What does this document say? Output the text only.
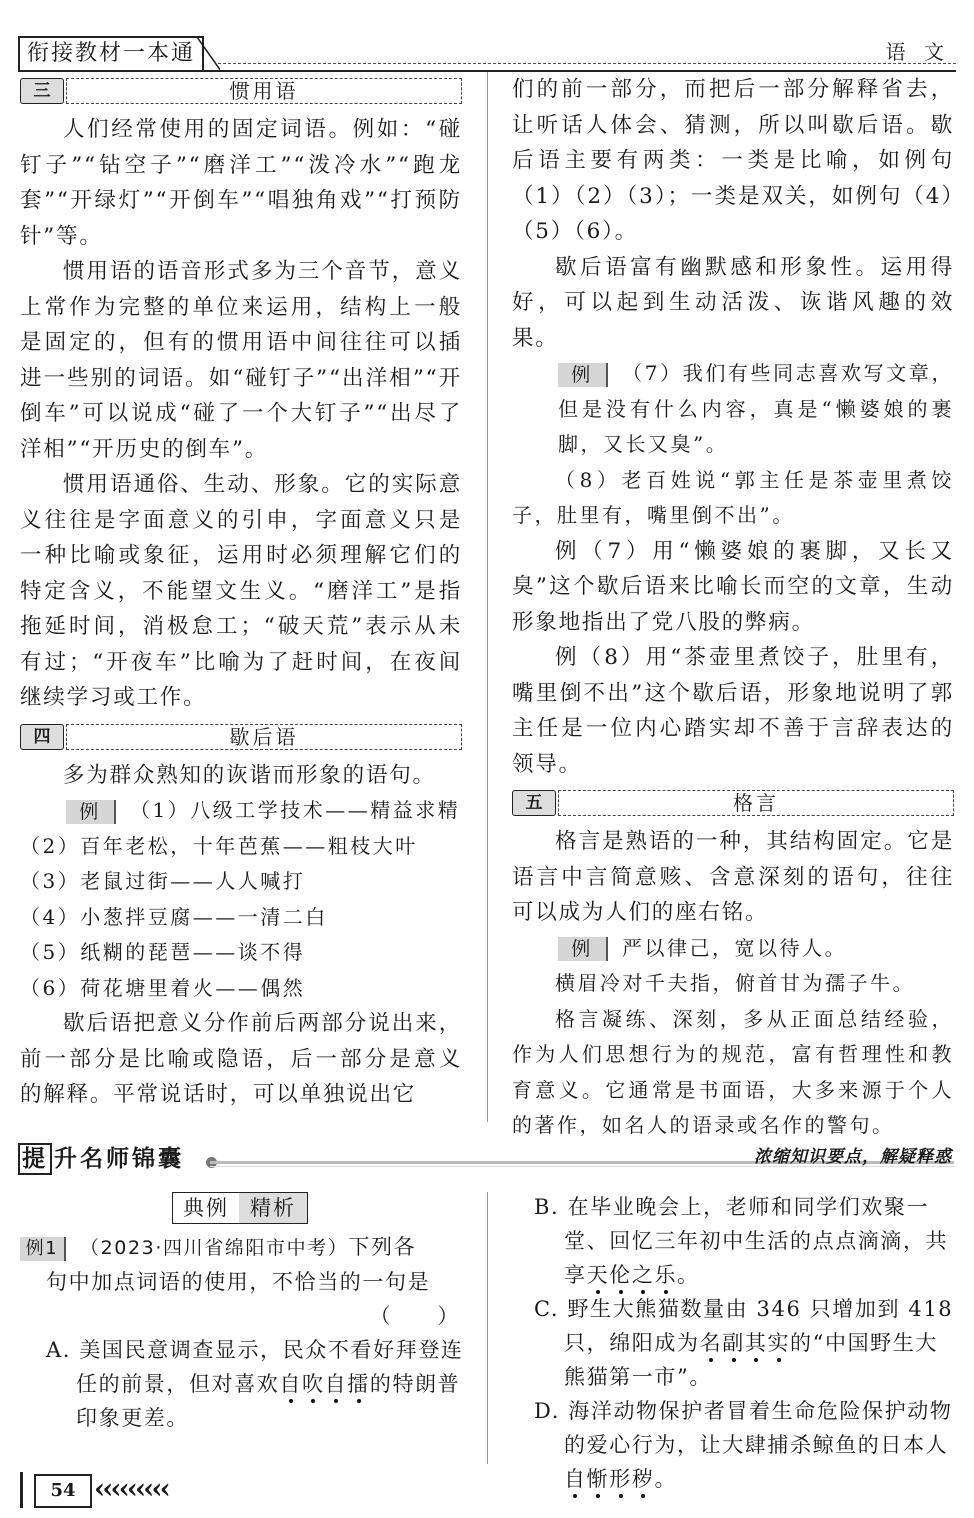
衔接教材一本通	语 文
三	惯用语

人们经常使用的固定词语。例如：“碰钉子”“钻空子”“磨洋工”“泼冷水”“跑龙套”“开绿灯”“开倒车”“唱独角戏”“打预防针”等。

惯用语的语音形式多为三个音节，意义上常作为完整的单位来运用，结构上一般是固定的，但有的惯用语中间往往可以插进一些别的词语。如“碰钉子”“出洋相”“开倒车”可以说成“碰了一个大钉子”“出尽了洋相”“开历史的倒车”。

惯用语通俗、生动、形象。它的实际意义往往是字面意义的引申，字面意义只是一种比喻或象征，运用时必须理解它们的特定含义，不能望文生义。“磨洋工”是指拖延时间，消极怠工；“破天荒”表示从未有过；“开夜车”比喻为了赶时间，在夜间继续学习或工作。

四	歇后语

多为群众熟知的诙谐而形象的语句。

例 （1）八级工学技术——精益求精

（2）百年老松，十年芭蕉——粗枝大叶

（3）老鼠过街——人人喊打

（4）小葱拌豆腐——一清二白

（5）纸糊的琵琶——谈不得

（6）荷花塘里着火——偶然

歇后语把意义分作前后两部分说出来，前一部分是比喻或隐语，后一部分是意义的解释。平常说话时，可以单独说出它

们的前一部分，而把后一部分解释省去，让听话人体会、猜测，所以叫歇后语。歇后语主要有两类：一类是比喻，如例句（1）（2）（3）；一类是双关，如例句（4）（5）（6）。

歇后语富有幽默感和形象性。运用得好，可以起到生动活泼、诙谐风趣的效果。

例 （7）我们有些同志喜欢写文章，但是没有什么内容，真是“懒婆娘的裹脚，又长又臭”。

（8）老百姓说“郭主任是茶壶里煮饺子，肚里有，嘴里倒不出”。

例（7）用“懒婆娘的裹脚，又长又臭”这个歇后语来比喻长而空的文章，生动形象地指出了党八股的弊病。

例（8）用“茶壶里煮饺子，肚里有，嘴里倒不出”这个歇后语，形象地说明了郭主任是一位内心踏实却不善于言辞表达的领导。

五	格言

格言是熟语的一种，其结构固定。它是语言中言简意赅、含意深刻的语句，往往可以成为人们的座右铭。

例 严以律己，宽以待人。

横眉冷对千夫指，俯首甘为孺子牛。

格言凝练、深刻，多从正面总结经验，作为人们思想行为的规范，富有哲理性和教育意义。它通常是书面语，大多来源于个人的著作，如名人的语录或名作的警句。

提 升名师锦囊	浓缩知识要点，解疑释惑
典例	精析

例1 （2023·四川省绵阳市中考）下列各

句中加点词语的使用，不恰当的一句是

（　　）

A. 美国民意调查显示，民众不看好拜登连任的前景，但对喜欢自吹自擂的特朗普印象更差。

B. 在毕业晚会上，老师和同学们欢聚一堂、回忆三年初中生活的点点滴滴，共享天伦之乐。

C. 野生大熊猫数量由 346 只增加到 418 只，绵阳成为名副其实的“中国野生大熊猫第一市”。

D. 海洋动物保护者冒着生命危险保护动物的爱心行为，让大肆捕杀鲸鱼的日本人自惭形秽。

54 ‹‹‹‹‹‹‹‹‹
